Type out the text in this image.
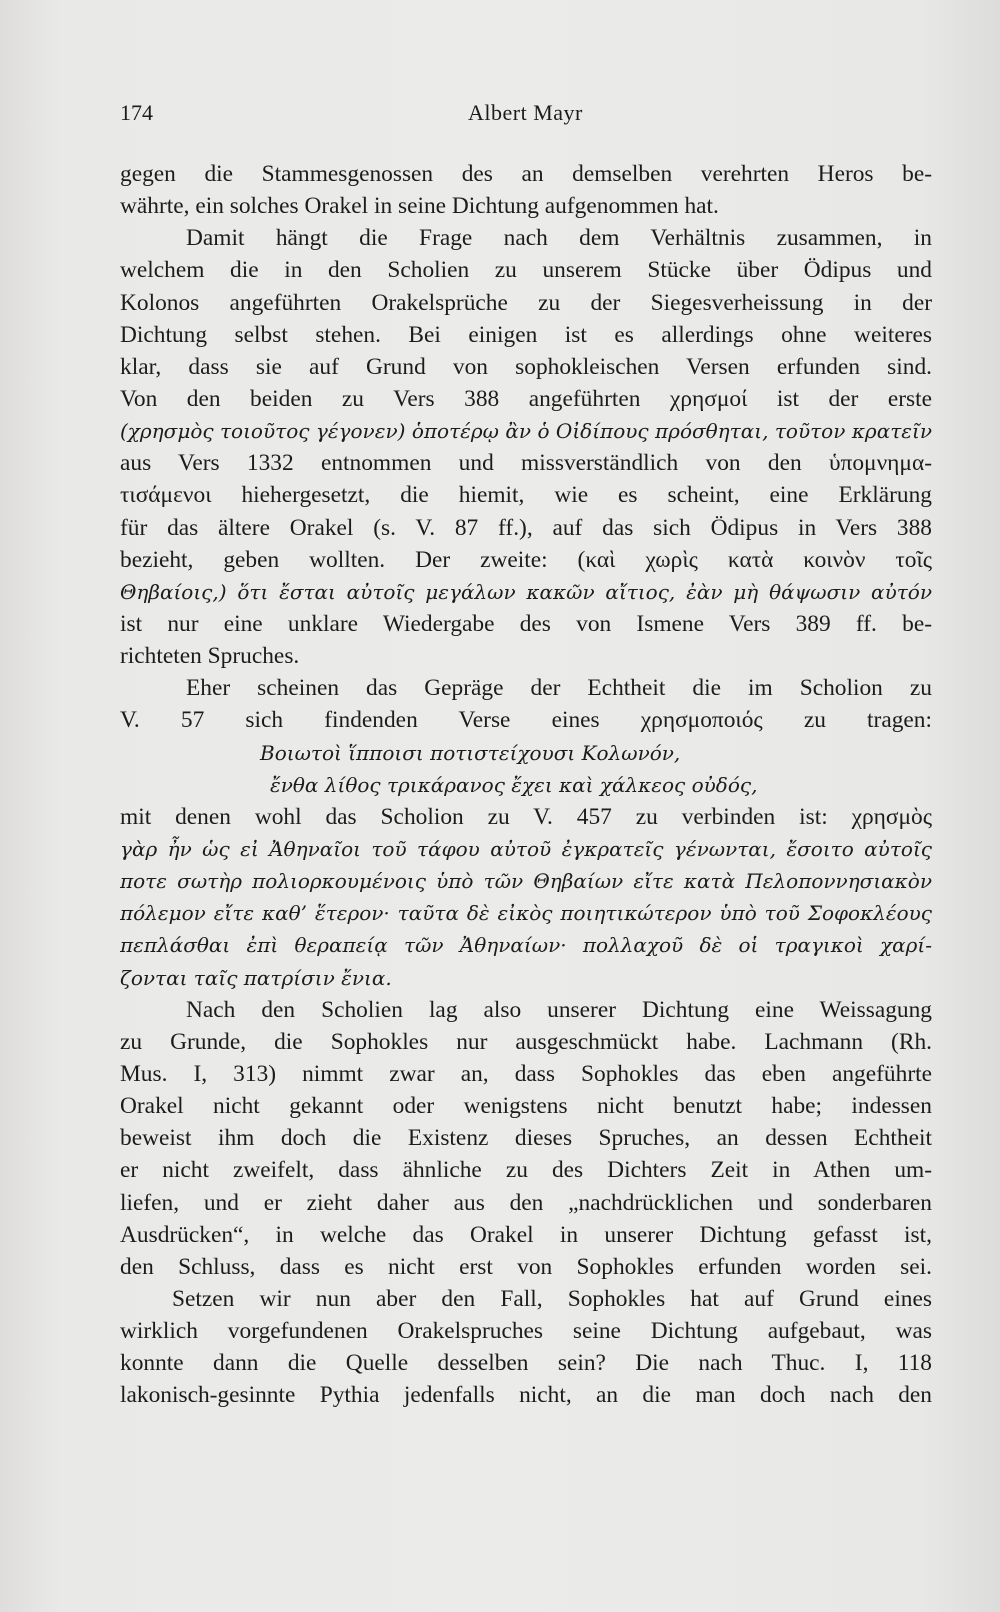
174	Albert Mayr
gegen die Stammesgenossen des an demselben verehrten Heros be-
währte, ein solches Orakel in seine Dichtung aufgenommen hat.
Damit hängt die Frage nach dem Verhältnis zusammen, in
welchem die in den Scholien zu unserem Stücke über Ödipus und
Kolonos angeführten Orakelsprüche zu der Siegesverheissung in der
Dichtung selbst stehen. Bei einigen ist es allerdings ohne weiteres
klar, dass sie auf Grund von sophokleischen Versen erfunden sind.
Von den beiden zu Vers 388 angeführten χρησμοί ist der erste
(χρησμὸς τοιοῦτος γέγονεν) ὁποτέρῳ ἂν ὁ Οἰδίπους πρόσθηται, τοῦτον κρατεῖν
aus Vers 1332 entnommen und missverständlich von den ὑπομνημα-
τισάμενοι hiehergesetzt, die hiemit, wie es scheint, eine Erklärung
für das ältere Orakel (s. V. 87 ff.), auf das sich Ödipus in Vers 388
bezieht, geben wollten. Der zweite: (καὶ χωρὶς κατὰ κοινὸν τοῖς
Θηβαίοις,) ὅτι ἔσται αὐτοῖς μεγάλων κακῶν αἴτιος, ἐὰν μὴ θάψωσιν αὐτόν
ist nur eine unklare Wiedergabe des von Ismene Vers 389 ff. be-
richteten Spruches.
Eher scheinen das Gepräge der Echtheit die im Scholion zu
V. 57 sich findenden Verse eines χρησμοποιός zu tragen:
Βοιωτοὶ ἵπποισι ποτιστείχουσι Κολωνόν,
ἔνθα λίθος τρικάρανος ἔχει καὶ χάλκεος οὐδός,
mit denen wohl das Scholion zu V. 457 zu verbinden ist: χρησμὸς
γὰρ ἦν ὡς εἰ Ἀθηναῖοι τοῦ τάφου αὐτοῦ ἐγκρατεῖς γένωνται, ἔσοιτο αὐτοῖς
ποτε σωτὴρ πολιορκουμένοις ὑπὸ τῶν Θηβαίων εἴτε κατὰ Πελοποννησιακὸν
πόλεμον εἴτε καθ’ ἕτερον· ταῦτα δὲ εἰκὸς ποιητικώτερον ὑπὸ τοῦ Σοφοκλέους
πεπλάσθαι ἐπὶ θεραπείᾳ τῶν Ἀθηναίων· πολλαχοῦ δὲ οἱ τραγικοὶ χαρί-
ζονται ταῖς πατρίσιν ἔνια.
Nach den Scholien lag also unserer Dichtung eine Weissagung
zu Grunde, die Sophokles nur ausgeschmückt habe. Lachmann (Rh.
Mus. I, 313) nimmt zwar an, dass Sophokles das eben angeführte
Orakel nicht gekannt oder wenigstens nicht benutzt habe; indessen
beweist ihm doch die Existenz dieses Spruches, an dessen Echtheit
er nicht zweifelt, dass ähnliche zu des Dichters Zeit in Athen um-
liefen, und er zieht daher aus den „nachdrücklichen und sonderbaren
Ausdrücken“, in welche das Orakel in unserer Dichtung gefasst ist,
den Schluss, dass es nicht erst von Sophokles erfunden worden sei.
Setzen wir nun aber den Fall, Sophokles hat auf Grund eines
wirklich vorgefundenen Orakelspruches seine Dichtung aufgebaut, was
konnte dann die Quelle desselben sein? Die nach Thuc. I, 118
lakonisch-gesinnte Pythia jedenfalls nicht, an die man doch nach den
